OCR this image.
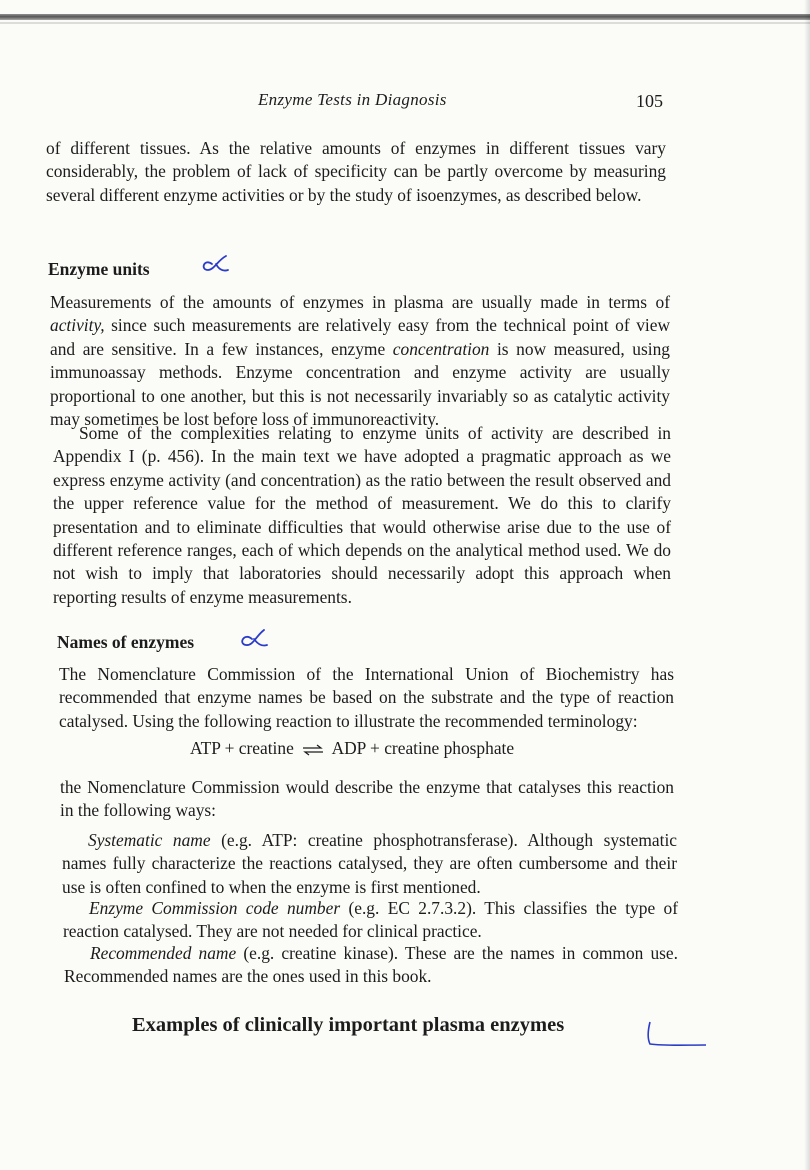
Enzyme Tests in Diagnosis	105
of different tissues. As the relative amounts of enzymes in different tissues vary considerably, the problem of lack of specificity can be partly overcome by measuring several different enzyme activities or by the study of isoenzymes, as described below.
Enzyme units
Measurements of the amounts of enzymes in plasma are usually made in terms of activity, since such measurements are relatively easy from the technical point of view and are sensitive. In a few instances, enzyme concentration is now measured, using immunoassay methods. Enzyme concentration and enzyme activity are usually proportional to one another, but this is not necessarily invariably so as catalytic activity may sometimes be lost before loss of immunoreactivity.
Some of the complexities relating to enzyme units of activity are described in Appendix I (p. 456). In the main text we have adopted a pragmatic approach as we express enzyme activity (and concentration) as the ratio between the result observed and the upper reference value for the method of measurement. We do this to clarify presentation and to eliminate difficulties that would otherwise arise due to the use of different reference ranges, each of which depends on the analytical method used. We do not wish to imply that laboratories should necessarily adopt this approach when reporting results of enzyme measurements.
Names of enzymes
The Nomenclature Commission of the International Union of Biochemistry has recommended that enzyme names be based on the substrate and the type of reaction catalysed. Using the following reaction to illustrate the recommended terminology:
ATP + creatine ⇌ ADP + creatine phosphate
the Nomenclature Commission would describe the enzyme that catalyses this reaction in the following ways:
Systematic name (e.g. ATP: creatine phosphotransferase). Although systematic names fully characterize the reactions catalysed, they are often cumbersome and their use is often confined to when the enzyme is first mentioned.
Enzyme Commission code number (e.g. EC 2.7.3.2). This classifies the type of reaction catalysed. They are not needed for clinical practice.
Recommended name (e.g. creatine kinase). These are the names in common use. Recommended names are the ones used in this book.
Examples of clinically important plasma enzymes
